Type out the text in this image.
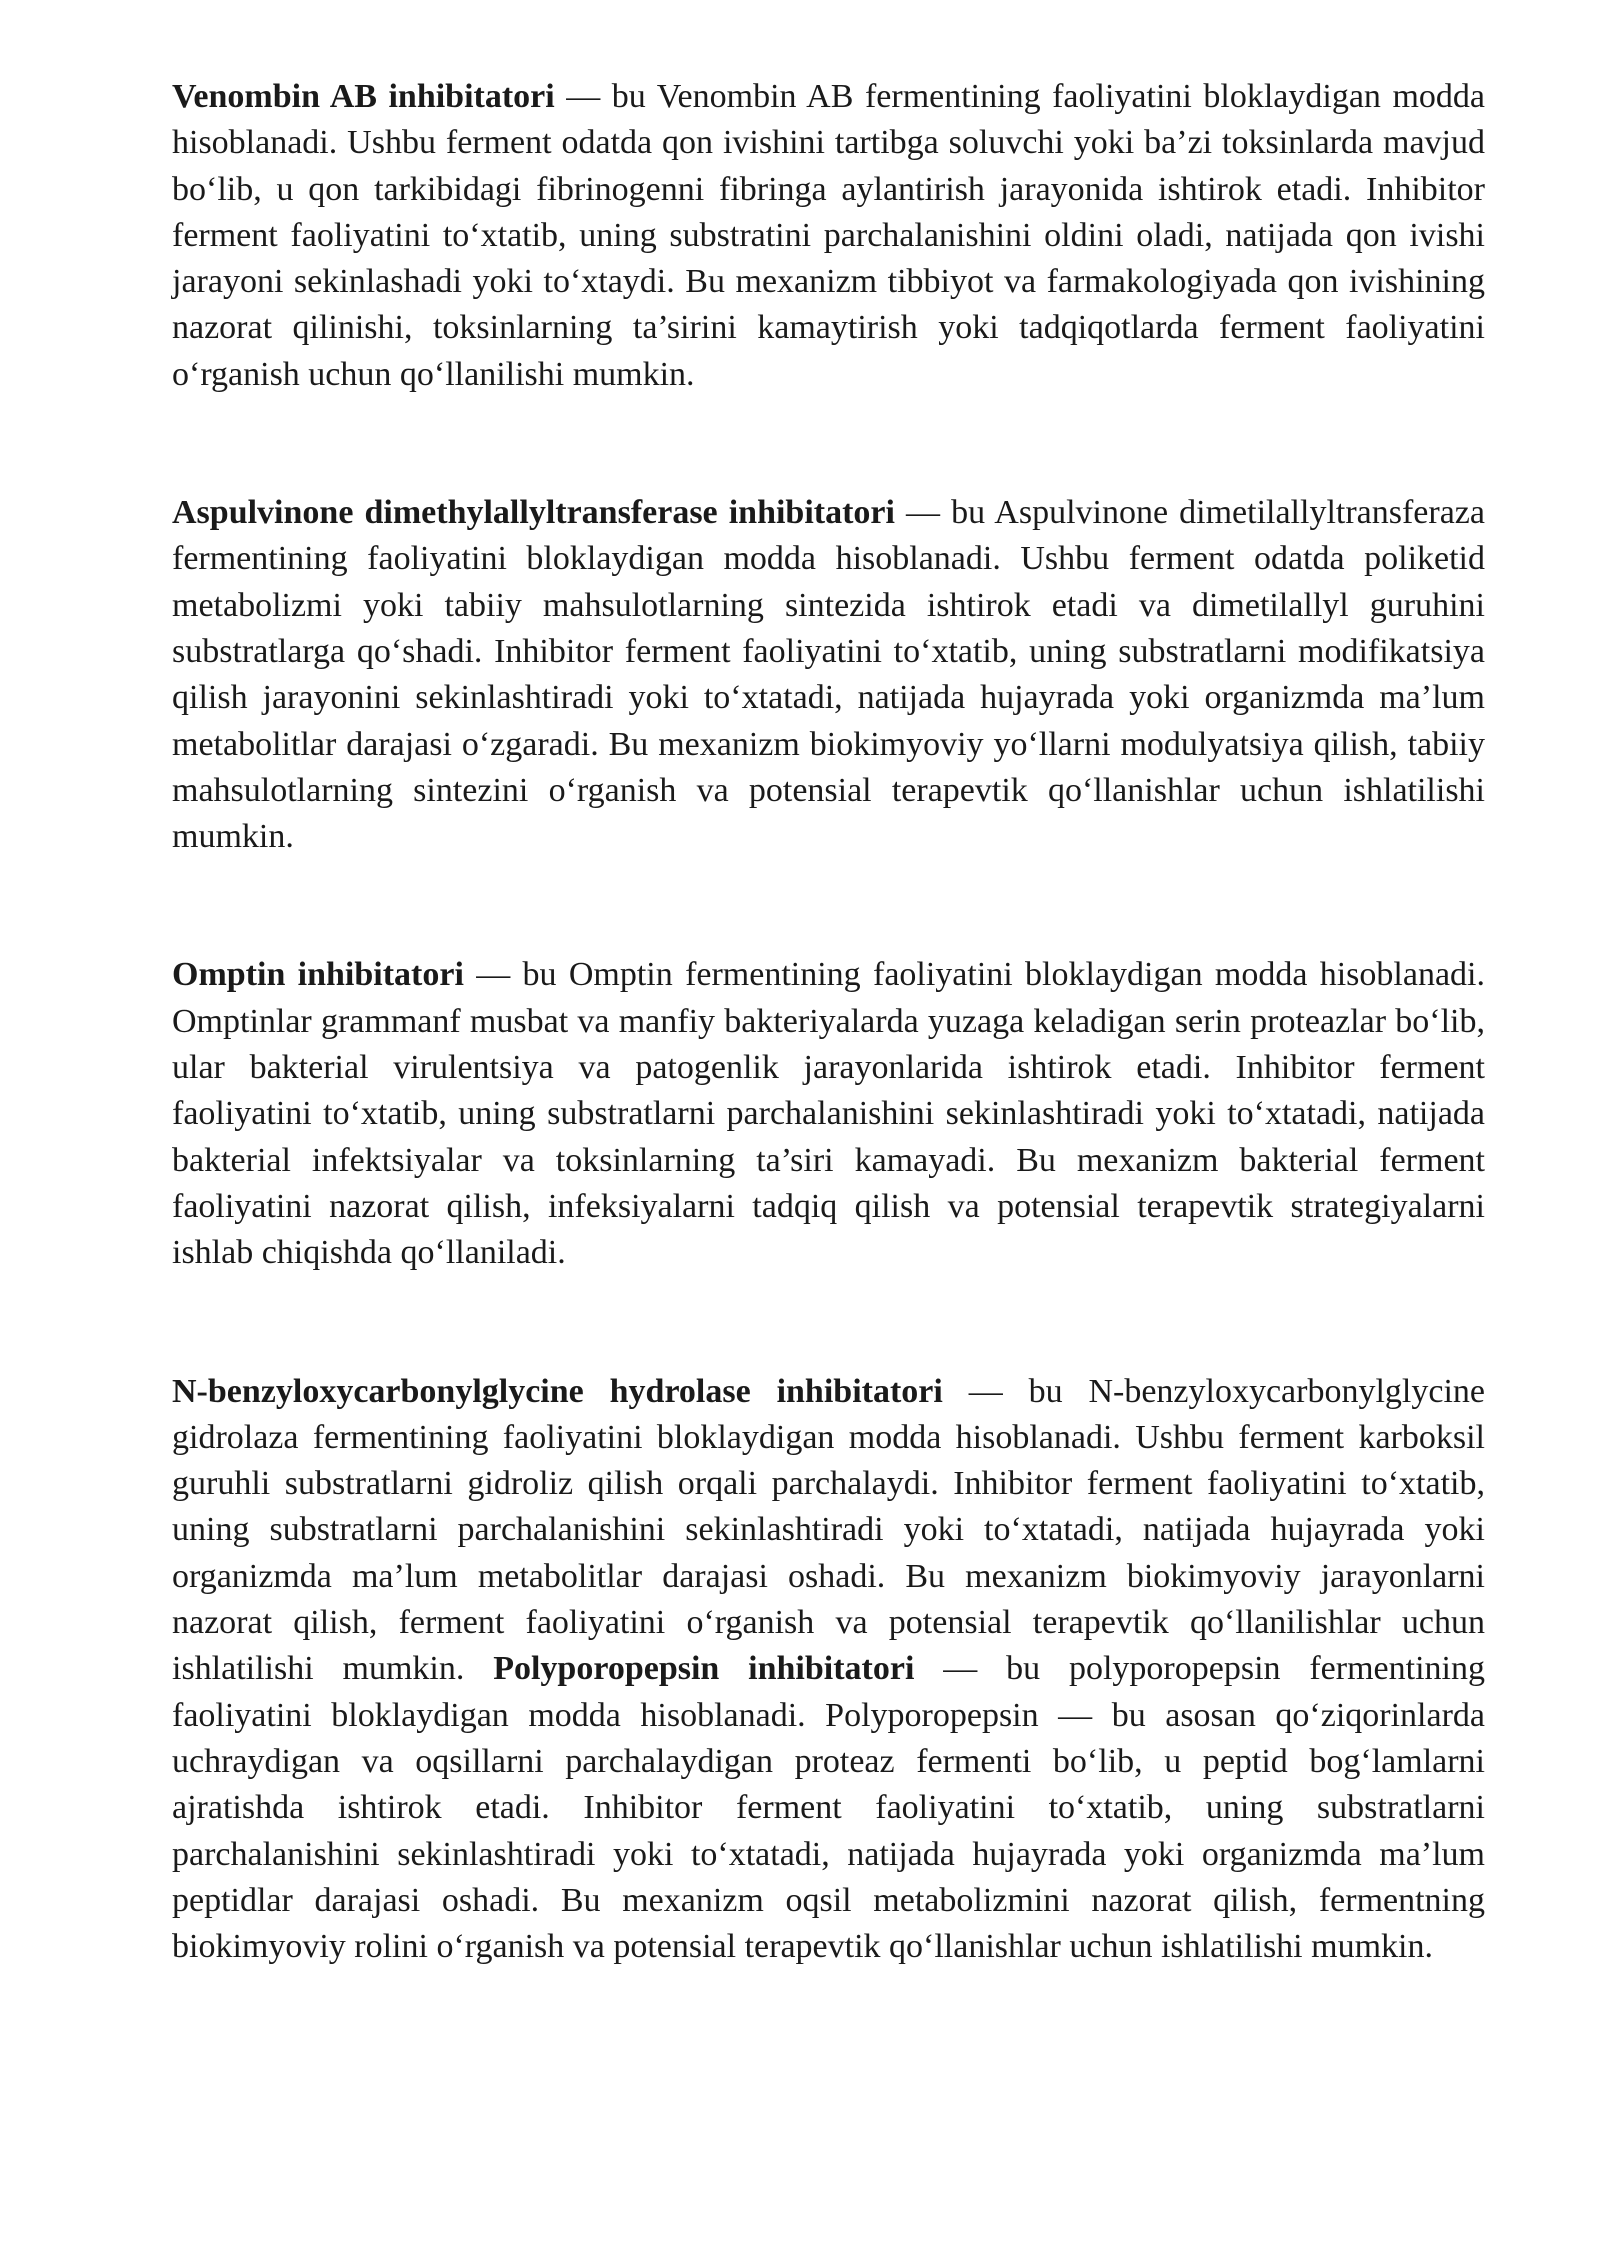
Venombin AB inhibitatori — bu Venombin AB fermentining faoliyatini bloklaydigan modda hisoblanadi. Ushbu ferment odatda qon ivishini tartibga soluvchi yoki ba’zi toksinlarda mavjud bo‘lib, u qon tarkibidagi fibrinogenni fibringa aylantirish jarayonida ishtirok etadi. Inhibitor ferment faoliyatini to‘xtatib, uning substratini parchalanishini oldini oladi, natijada qon ivishi jarayoni sekinlashadi yoki to‘xtaydi. Bu mexanizm tibbiyot va farmakologiyada qon ivishining nazorat qilinishi, toksinlarning ta’sirini kamaytirish yoki tadqiqotlarda ferment faoliyatini o‘rganish uchun qo‘llanilishi mumkin.

Aspulvinone dimethylallyltransferase inhibitatori — bu Aspulvinone dimetilallyltransferaza fermentining faoliyatini bloklaydigan modda hisoblanadi. Ushbu ferment odatda poliketid metabolizmi yoki tabiiy mahsulotlarning sintezida ishtirok etadi va dimetilallyl guruhini substratlarga qo‘shadi. Inhibitor ferment faoliyatini to‘xtatib, uning substratlarni modifikatsiya qilish jarayonini sekinlashtiradi yoki to‘xtatadi, natijada hujayrada yoki organizmda ma’lum metabolitlar darajasi o‘zgaradi. Bu mexanizm biokimyoviy yo‘llarni modulyatsiya qilish, tabiiy mahsulotlarning sintezini o‘rganish va potensial terapevtik qo‘llanishlar uchun ishlatilishi mumkin.

Omptin inhibitatori — bu Omptin fermentining faoliyatini bloklaydigan modda hisoblanadi. Omptinlar grammanf musbat va manfiy bakteriyalarda yuzaga keladigan serin proteazlar bo‘lib, ular bakterial virulentsiya va patogenlik jarayonlarida ishtirok etadi. Inhibitor ferment faoliyatini to‘xtatib, uning substratlarni parchalanishini sekinlashtiradi yoki to‘xtatadi, natijada bakterial infektsiyalar va toksinlarning ta’siri kamayadi. Bu mexanizm bakterial ferment faoliyatini nazorat qilish, infeksiyalarni tadqiq qilish va potensial terapevtik strategiyalarni ishlab chiqishda qo‘llaniladi.

N-benzyloxycarbonylglycine hydrolase inhibitatori — bu N-benzyloxycarbonylglycine gidrolaza fermentining faoliyatini bloklaydigan modda hisoblanadi. Ushbu ferment karboksil guruhli substratlarni gidroliz qilish orqali parchalaydi. Inhibitor ferment faoliyatini to‘xtatib, uning substratlarni parchalanishini sekinlashtiradi yoki to‘xtatadi, natijada hujayrada yoki organizmda ma’lum metabolitlar darajasi oshadi. Bu mexanizm biokimyoviy jarayonlarni nazorat qilish, ferment faoliyatini o‘rganish va potensial terapevtik qo‘llanilishlar uchun ishlatilishi mumkin. Polyporopepsin inhibitatori — bu polyporopepsin fermentining faoliyatini bloklaydigan modda hisoblanadi. Polyporopepsin — bu asosan qo‘ziqorinlarda uchraydigan va oqsillarni parchalaydigan proteaz fermenti bo‘lib, u peptid bog‘lamlarni ajratishda ishtirok etadi. Inhibitor ferment faoliyatini to‘xtatib, uning substratlarni parchalanishini sekinlashtiradi yoki to‘xtatadi, natijada hujayrada yoki organizmda ma’lum peptidlar darajasi oshadi. Bu mexanizm oqsil metabolizmini nazorat qilish, fermentning biokimyoviy rolini o‘rganish va potensial terapevtik qo‘llanishlar uchun ishlatilishi mumkin.
